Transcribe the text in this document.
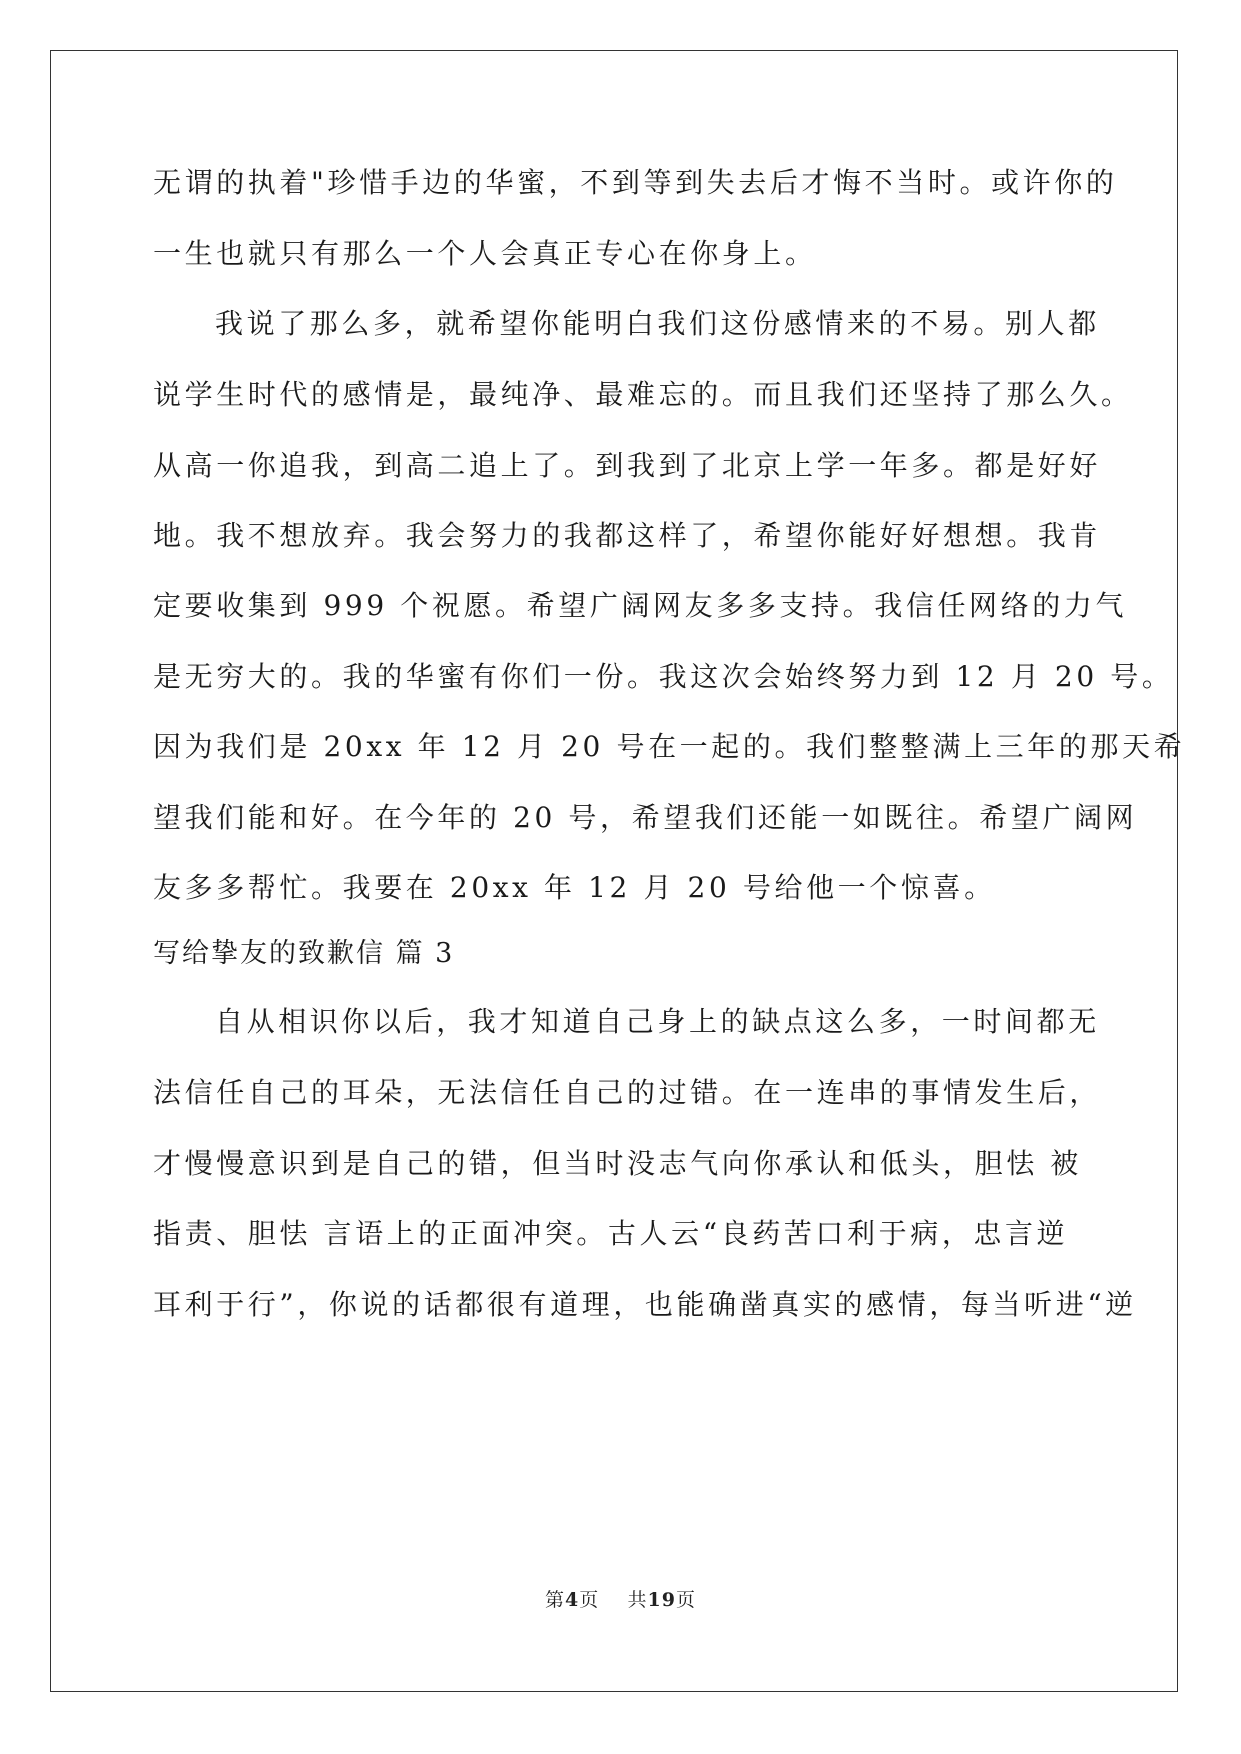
无谓的执着"珍惜手边的华蜜，不到等到失去后才悔不当时。或许你的
一生也就只有那么一个人会真正专心在你身上。
我说了那么多，就希望你能明白我们这份感情来的不易。别人都
说学生时代的感情是，最纯净、最难忘的。而且我们还坚持了那么久。
从高一你追我，到高二追上了。到我到了北京上学一年多。都是好好
地。我不想放弃。我会努力的我都这样了，希望你能好好想想。我肯
定要收集到 999 个祝愿。希望广阔网友多多支持。我信任网络的力气
是无穷大的。我的华蜜有你们一份。我这次会始终努力到 12 月 20 号。
因为我们是 20xx 年 12 月 20 号在一起的。我们整整满上三年的那天希
望我们能和好。在今年的 20 号，希望我们还能一如既往。希望广阔网
友多多帮忙。我要在 20xx 年 12 月 20 号给他一个惊喜。
写给挚友的致歉信 篇 3
自从相识你以后，我才知道自己身上的缺点这么多，一时间都无
法信任自己的耳朵，无法信任自己的过错。在一连串的事情发生后，
才慢慢意识到是自己的错，但当时没志气向你承认和低头，胆怯 被
指责、胆怯 言语上的正面冲突。古人云“良药苦口利于病，忠言逆
耳利于行”，你说的话都很有道理，也能确凿真实的感情，每当听进“逆
第4页 共19页
